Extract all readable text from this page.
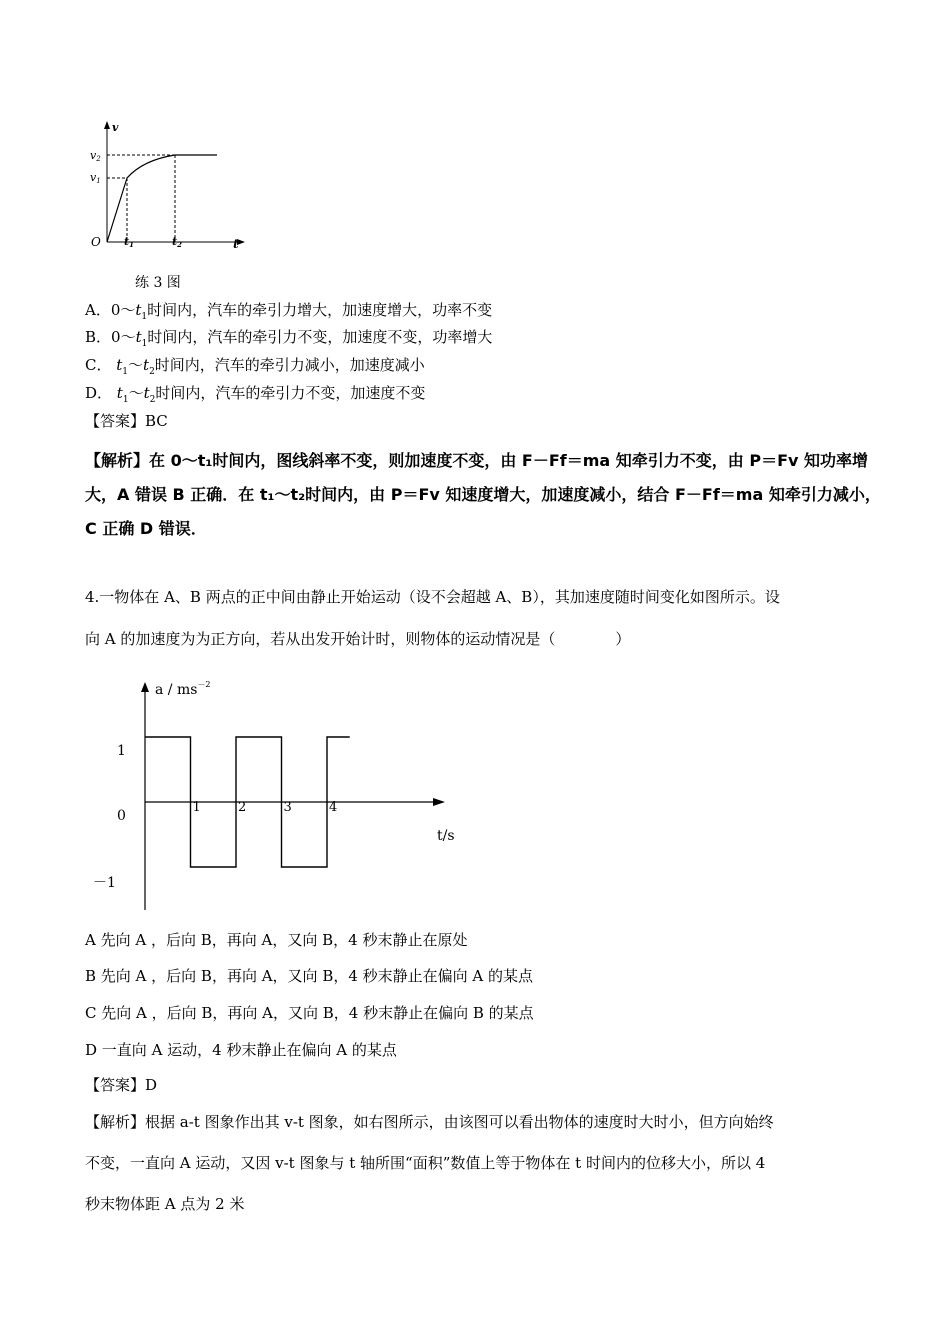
v
v2
v1
O t1	t2	t
练 3 图
A．$0\sim t_1$时间内，汽车的牵引力增大，加速度增大，功率不变
B．$0\sim t_1$时间内，汽车的牵引力不变，加速度不变，功率增大
C． $t_1\sim t_2$时间内，汽车的牵引力减小，加速度减小
D． $t_1\sim t_2$时间内，汽车的牵引力不变，加速度不变
【答案】BC
【解析】在 0～t₁时间内，图线斜率不变，则加速度不变，由 F－Ff＝ma 知牵引力不变，由 P＝Fv 知功率增
大，A 错误 B 正确．在 t₁～t₂时间内，由 P＝Fv 知速度增大，加速度减小，结合 F－Ff＝ma 知牵引力减小，
C 正确 D 错误．
4.一物体在 A、B 两点的正中间由静止开始运动（设不会超越 A、B），其加速度随时间变化如图所示。设
向 A 的加速度为为正方向，若从出发开始计时，则物体的运动情况是（　　　　）
a / $ms^{-2}$
t/s
1
0
－1
1	2	3	4
A 先向 A ，后向 B，再向 A，又向 B，4 秒末静止在原处
B 先向 A ，后向 B，再向 A，又向 B，4 秒末静止在偏向 A 的某点
C 先向 A ，后向 B，再向 A，又向 B，4 秒末静止在偏向 B 的某点
D 一直向 A 运动，4 秒末静止在偏向 A 的某点
【答案】D
【解析】根据 a-t 图象作出其 v-t 图象，如右图所示，由该图可以看出物体的速度时大时小，但方向始终
不变，一直向 A 运动，又因 v-t 图象与 t 轴所围“面积”数值上等于物体在 t 时间内的位移大小，所以 4
秒末物体距 A 点为 2 米
